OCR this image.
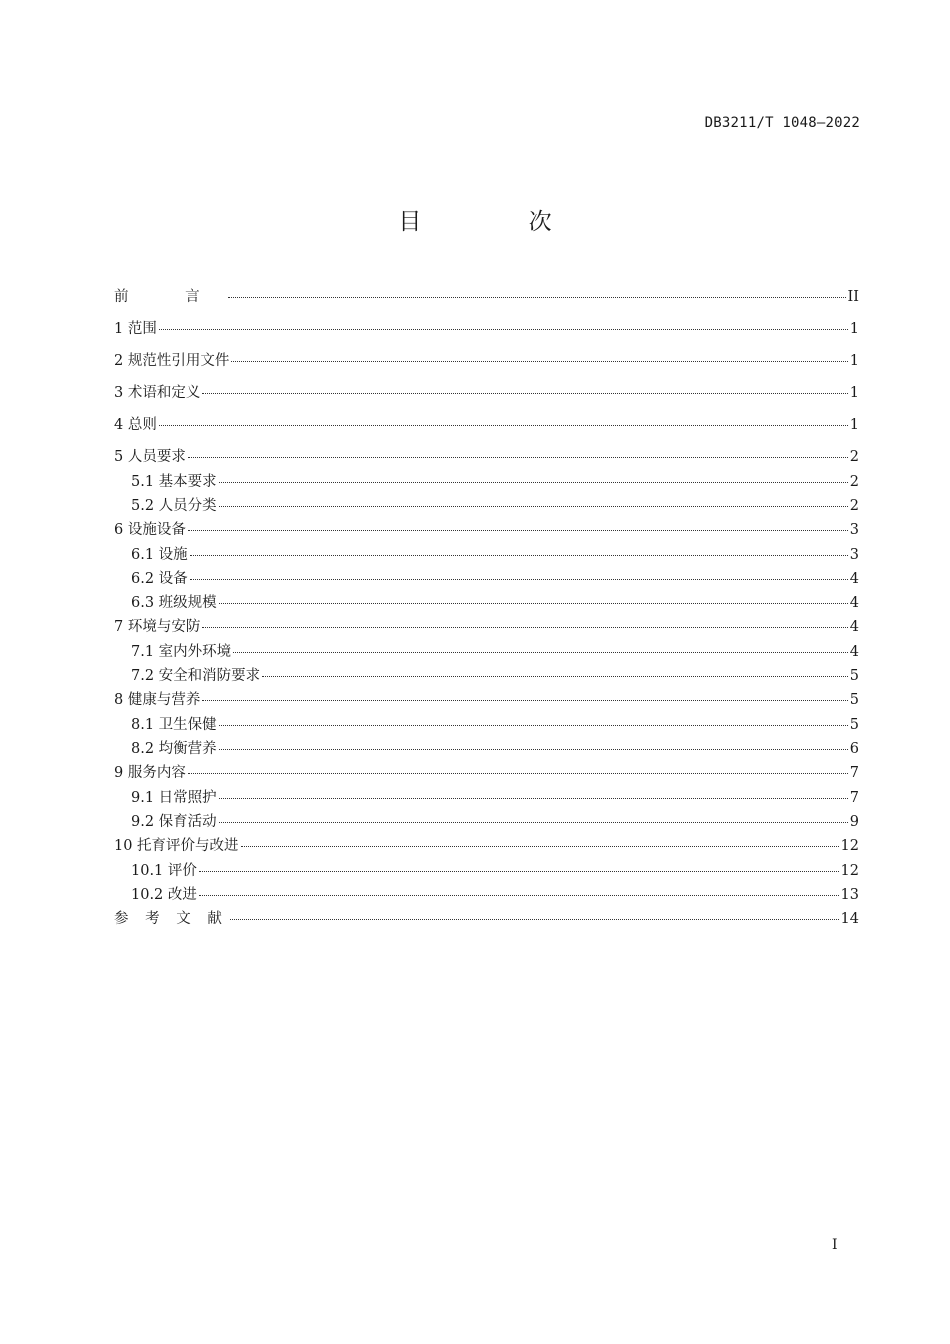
DB3211/T 1048—2022
目 次
前 言	II
1 范围	1
2 规范性引用文件	1
3 术语和定义	1
4 总则	1
5 人员要求	2
5.1 基本要求	2
5.2 人员分类	2
6 设施设备	3
6.1 设施	3
6.2 设备	4
6.3 班级规模	4
7 环境与安防	4
7.1 室内外环境	4
7.2 安全和消防要求	5
8 健康与营养	5
8.1 卫生保健	5
8.2 均衡营养	6
9 服务内容	7
9.1 日常照护	7
9.2 保育活动	9
10 托育评价与改进	12
10.1 评价	12
10.2 改进	13
参 考 文 献	14
I
